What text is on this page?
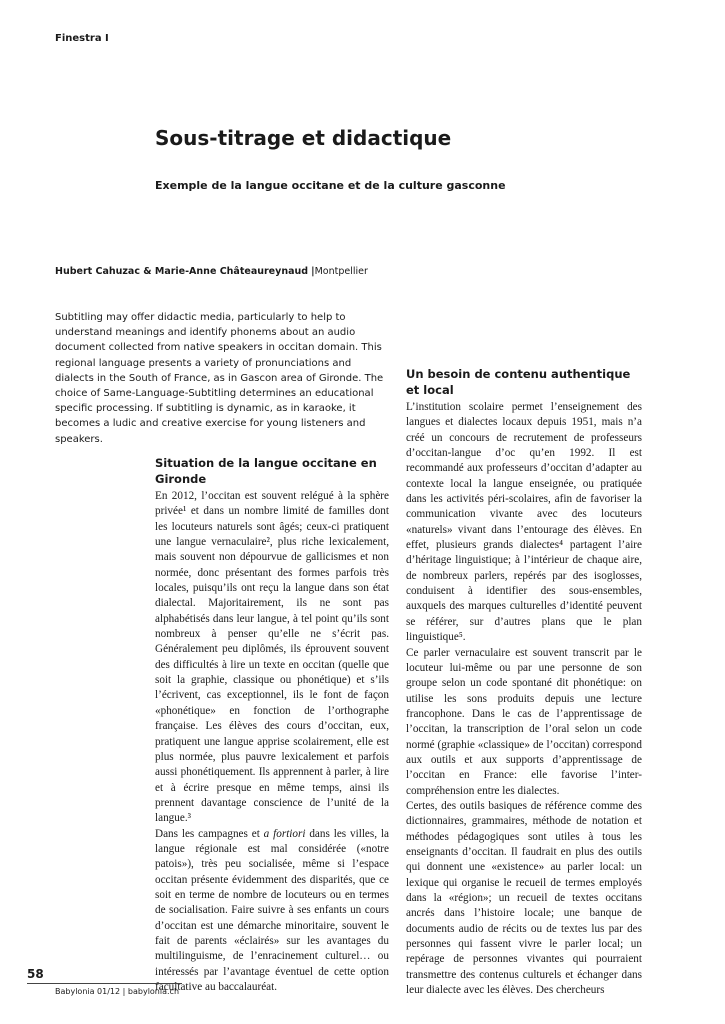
Finestra I
Sous-titrage et didactique
Exemple de la langue occitane et de la culture gasconne
Hubert Cahuzac & Marie-Anne Châteaureynaud |Montpellier

Subtitling may offer didactic media, particularly to help to understand meanings and identify phonems about an audio document collected from native speakers in occitan domain. This regional language presents a variety of pronunciations and dialects in the South of France, as in Gascon area of Gironde. The choice of Same-Language-Subtitling determines an educational specific processing. If subtitling is dynamic, as in karaoke, it becomes a ludic and creative exercise for young listeners and speakers.

Situation de la langue occitane en Gironde

En 2012, l’occitan est souvent relégué à la sphère privée¹ et dans un nombre limité de familles dont les locuteurs naturels sont âgés; ceux-ci pratiquent une langue vernaculaire², plus riche lexicalement, mais souvent non dépourvue de gallicismes et non normée, donc présentant des formes parfois très locales, puisqu’ils ont reçu la langue dans son état dialectal. Majoritairement, ils ne sont pas alphabétisés dans leur langue, à tel point qu’ils sont nombreux à penser qu’elle ne s’écrit pas. Généralement peu diplômés, ils éprouvent souvent des difficultés à lire un texte en occitan (quelle que soit la graphie, classique ou phonétique) et s’ils l’écrivent, cas exceptionnel, ils le font de façon «phonétique» en fonction de l’orthographe française. Les élèves des cours d’occitan, eux, pratiquent une langue apprise scolairement, elle est plus normée, plus pauvre lexicalement et parfois aussi phonétiquement. Ils apprennent à parler, à lire et à écrire presque en même temps, ainsi ils prennent davantage conscience de l’unité de la langue.³

Dans les campagnes et a fortiori dans les villes, la langue régionale est mal considérée («notre patois»), très peu socialisée, même si l’espace occitan présente évidemment des disparités, que ce soit en terme de nombre de locuteurs ou en termes de socialisation. Faire suivre à ses enfants un cours d’occitan est une démarche minoritaire, souvent le fait de parents «éclairés» sur les avantages du multilinguisme, de l’enracinement culturel… ou intéressés par l’avantage éventuel de cette option facultative au baccalauréat.

Un besoin de contenu authentique et local

L’institution scolaire permet l’enseignement des langues et dialectes locaux depuis 1951, mais n’a créé un concours de recrutement de professeurs d’occitan-langue d’oc qu’en 1992. Il est recommandé aux professeurs d’occitan d’adapter au contexte local la langue enseignée, ou pratiquée dans les activités péri-scolaires, afin de favoriser la communication vivante avec des locuteurs «naturels» vivant dans l’entourage des élèves. En effet, plusieurs grands dialectes⁴ partagent l’aire d’héritage linguistique; à l’intérieur de chaque aire, de nombreux parlers, repérés par des isoglosses, conduisent à identifier des sous-ensembles, auxquels des marques culturelles d’identité peuvent se référer, sur d’autres plans que le plan linguistique⁵.

Ce parler vernaculaire est souvent transcrit par le locuteur lui-même ou par une personne de son groupe selon un code spontané dit phonétique: on utilise les sons produits depuis une lecture francophone. Dans le cas de l’apprentissage de l’occitan, la transcription de l’oral selon un code normé (graphie «classique» de l’occitan) correspond aux outils et aux supports d’apprentissage de l’occitan en France: elle favorise l’inter-compréhension entre les dialectes.

Certes, des outils basiques de référence comme des dictionnaires, grammaires, méthode de notation et méthodes pédagogiques sont utiles à tous les enseignants d’occitan. Il faudrait en plus des outils qui donnent une «existence» au parler local: un lexique qui organise le recueil de termes employés dans la «région»; un recueil de textes occitans ancrés dans l’histoire locale; une banque de documents audio de récits ou de textes lus par des personnes qui fassent vivre le parler local; un repérage de personnes vivantes qui pourraient transmettre des contenus culturels et échanger dans leur dialecte avec les élèves. Des chercheurs

58
Babylonia 01/12 | babylonia.ch
